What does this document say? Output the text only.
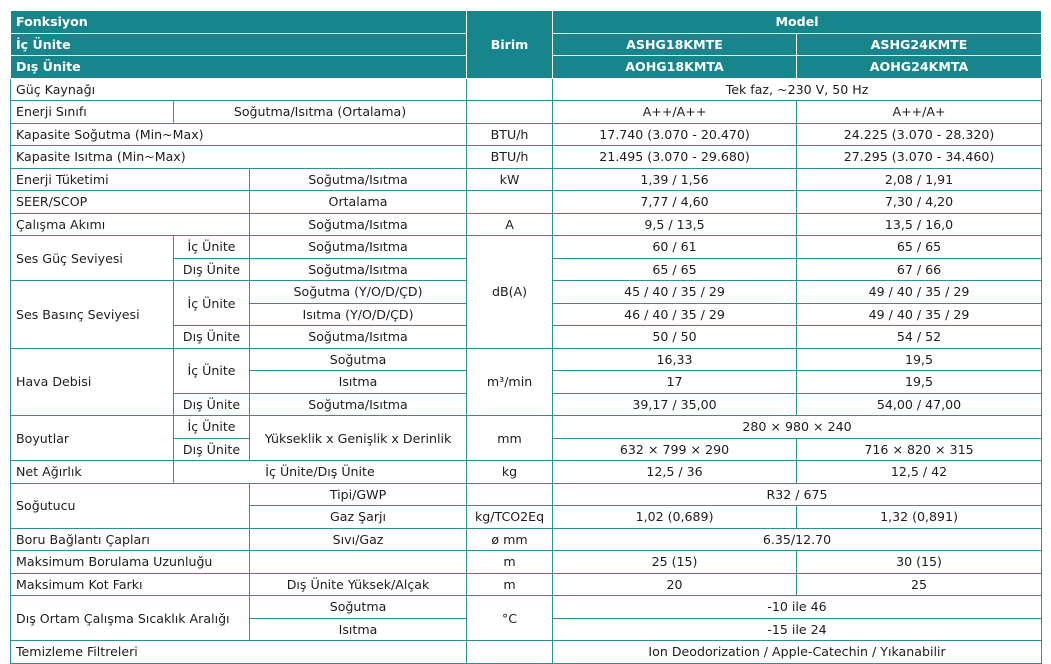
Fonksiyon			Birim	Model	
İç Ünite				ASHG18KMTE	ASHG24KMTE
Dış Ünite				AOHG18KMTA	AOHG24KMTA
Güç Kaynağı				Tek faz, ~230 V, 50 Hz	
Enerji Sınıfı	Soğutma/Isıtma (Ortalama)			A++/A++	A++/A+
Kapasite Soğutma (Min~Max)			BTU/h	17.740 (3.070 - 20.470)	24.225 (3.070 - 28.320)
Kapasite Isıtma (Min~Max)			BTU/h	21.495 (3.070 - 29.680)	27.295 (3.070 - 34.460)
Enerji Tüketimi		Soğutma/Isıtma	kW	1,39 / 1,56	2,08 / 1,91
SEER/SCOP		Ortalama		7,77 / 4,60	7,30 / 4,20
Çalışma Akımı		Soğutma/Isıtma	A	9,5 / 13,5	13,5 / 16,0
Ses Güç Seviyesi	İç Ünite	Soğutma/Isıtma	dB(A)	60 / 61	65 / 65
	Dış Ünite	Soğutma/Isıtma		65 / 65	67 / 66
Ses Basınç Seviyesi	İç Ünite	Soğutma (Y/O/D/ÇD)		45 / 40 / 35 / 29	49 / 40 / 35 / 29
		Isıtma (Y/O/D/ÇD)		46 / 40 / 35 / 29	49 / 40 / 35 / 29
	Dış Ünite	Soğutma/Isıtma		50 / 50	54 / 52
Hava Debisi	İç Ünite	Soğutma	m³/min	16,33	19,5
		Isıtma		17	19,5
	Dış Ünite	Soğutma/Isıtma		39,17 / 35,00	54,00 / 47,00
Boyutlar	İç Ünite	Yükseklik x Genişlik x Derinlik	mm	280 × 980 × 240	
	Dış Ünite			632 × 799 × 290	716 × 820 × 315
Net Ağırlık	İç Ünite/Dış Ünite		kg	12,5 / 36	12,5 / 42
Soğutucu		Tipi/GWP		R32 / 675	
		Gaz Şarjı	kg/TCO2Eq	1,02 (0,689)	1,32 (0,891)
Boru Bağlantı Çapları		Sıvı/Gaz	ø mm	6.35/12.70	
Maksimum Borulama Uzunluğu			m	25 (15)	30 (15)
Maksimum Kot Farkı		Dış Ünite Yüksek/Alçak	m	20	25
Dış Ortam Çalışma Sıcaklık Aralığı		Soğutma	°C	-10 ile 46	
		Isıtma		-15 ile 24	
Temizleme Filtreleri				Ion Deodorization / Apple-Catechin / Yıkanabilir	
